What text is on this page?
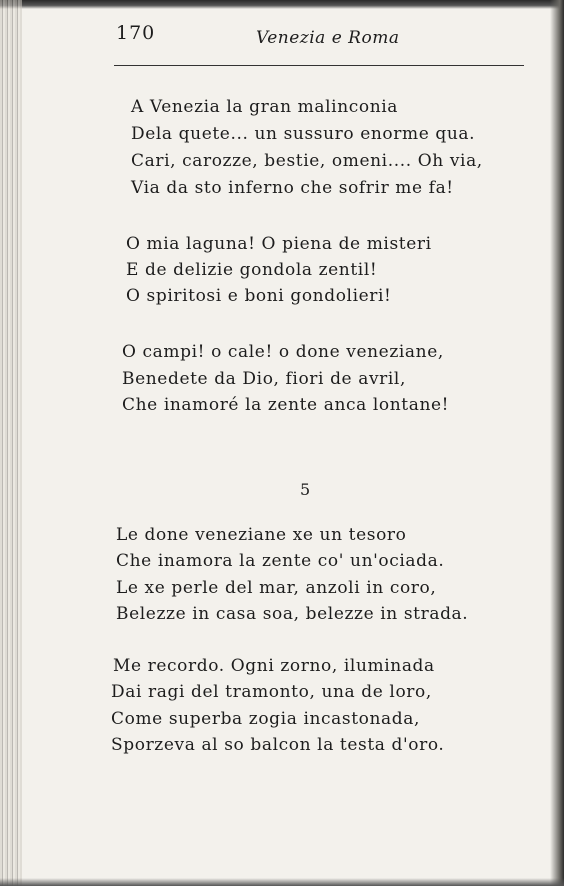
170	Venezia e Roma
A Venezia la gran malinconia
Dela quete... un sussuro enorme qua.
Cari, carozze, bestie, omeni.... Oh via,
Via da sto inferno che sofrir me fa!
O mia laguna! O piena de misteri
E de delizie gondola zentil!
O spiritosi e boni gondolieri!
O campi! o cale! o done veneziane,
Benedete da Dio, fiori de avril,
Che inamoré la zente anca lontane!
5
Le done veneziane xe un tesoro
Che inamora la zente co' un'ociada.
Le xe perle del mar, anzoli in coro,
Belezze in casa soa, belezze in strada.
Me recordo. Ogni zorno, iluminada
Dai ragi del tramonto, una de loro,
Come superba zogia incastonada,
Sporzeva al so balcon la testa d'oro.
